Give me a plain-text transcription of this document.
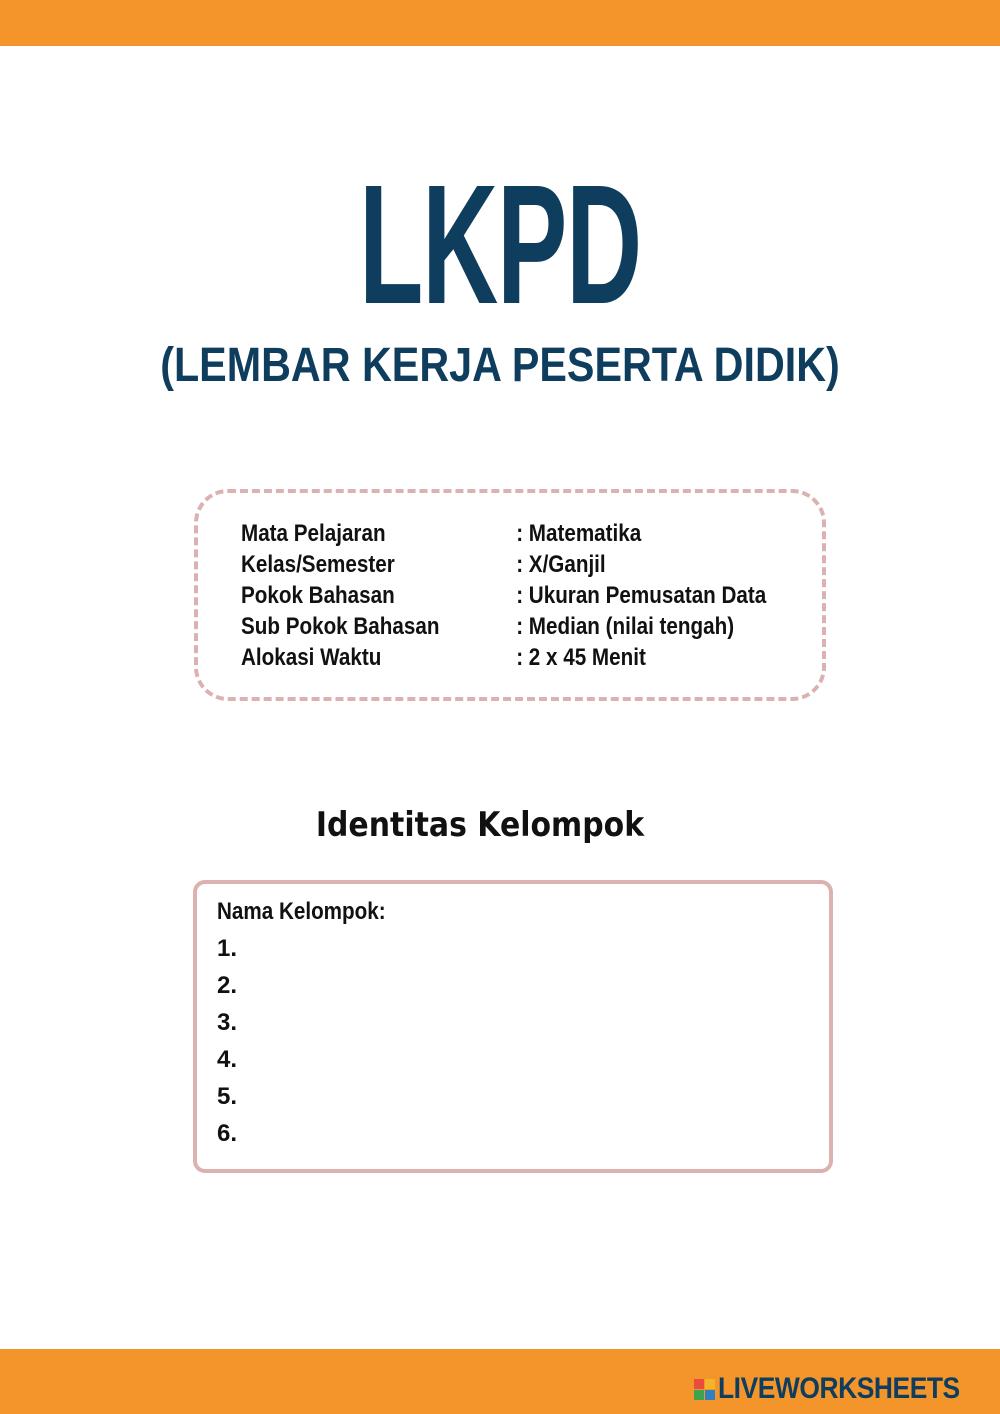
LKPD
(LEMBAR KERJA PESERTA DIDIK)
Mata Pelajaran	: Matematika
Kelas/Semester	: X/Ganjil
Pokok Bahasan	: Ukuran Pemusatan Data
Sub Pokok Bahasan	: Median (nilai tengah)
Alokasi Waktu	: 2 x 45 Menit
Identitas Kelompok
Nama Kelompok:
1.
2.
3.
4.
5.
6.
LIVEWORKSHEETS
